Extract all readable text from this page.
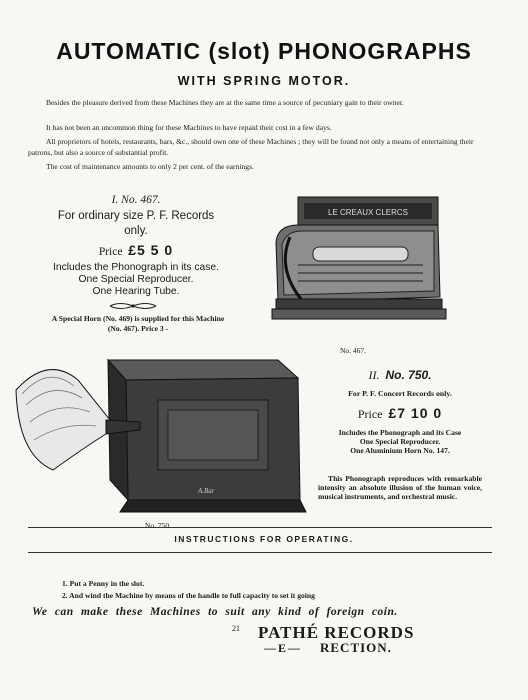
AUTOMATIC (slot) PHONOGRAPHS
WITH SPRING MOTOR.
Besides the pleasure derived from these Machines they are at the same time a source of pecuniary gain to their owner.
It has not been an uncommon thing for these Machines to have repaid their cost in a few days.
All proprietors of hotels, restaurants, bars, &c., should own one of these Machines ; they will be found not only a means of entertaining their patrons, but also a source of substantial profit.
The cost of maintenance amounts to only 2 per cent. of the earnings.
I. No. 467.
For ordinary size P. F. Records
only.
Price £5 5 0
Includes the Phonograph in its case.
One Special Reproducer.
One Hearing Tube.
A Special Horn (No. 469) is supplied for this Machine
(No. 467). Price 3 -
LE CREAUX CLERCS
No. 467.
II. No. 750.
For P. F. Concert Records only.
Price £7 10 0
Includes the Phonograph and its Case
One Special Reproducer.
One Aluminium Horn No. 147.
This Phonograph reproduces with remarkable intensity an absolute illusion of the human voice, musical instruments, and orchestral music.
A.Bar
No. 750.
INSTRUCTIONS FOR OPERATING.
1. Put a Penny in the slot.
2. And wind the Machine by means of the handle to full capacity to set it going
We can make these Machines to suit any kind of foreign coin.
21 PATHÉ RECORDS
—E— RECTION.
